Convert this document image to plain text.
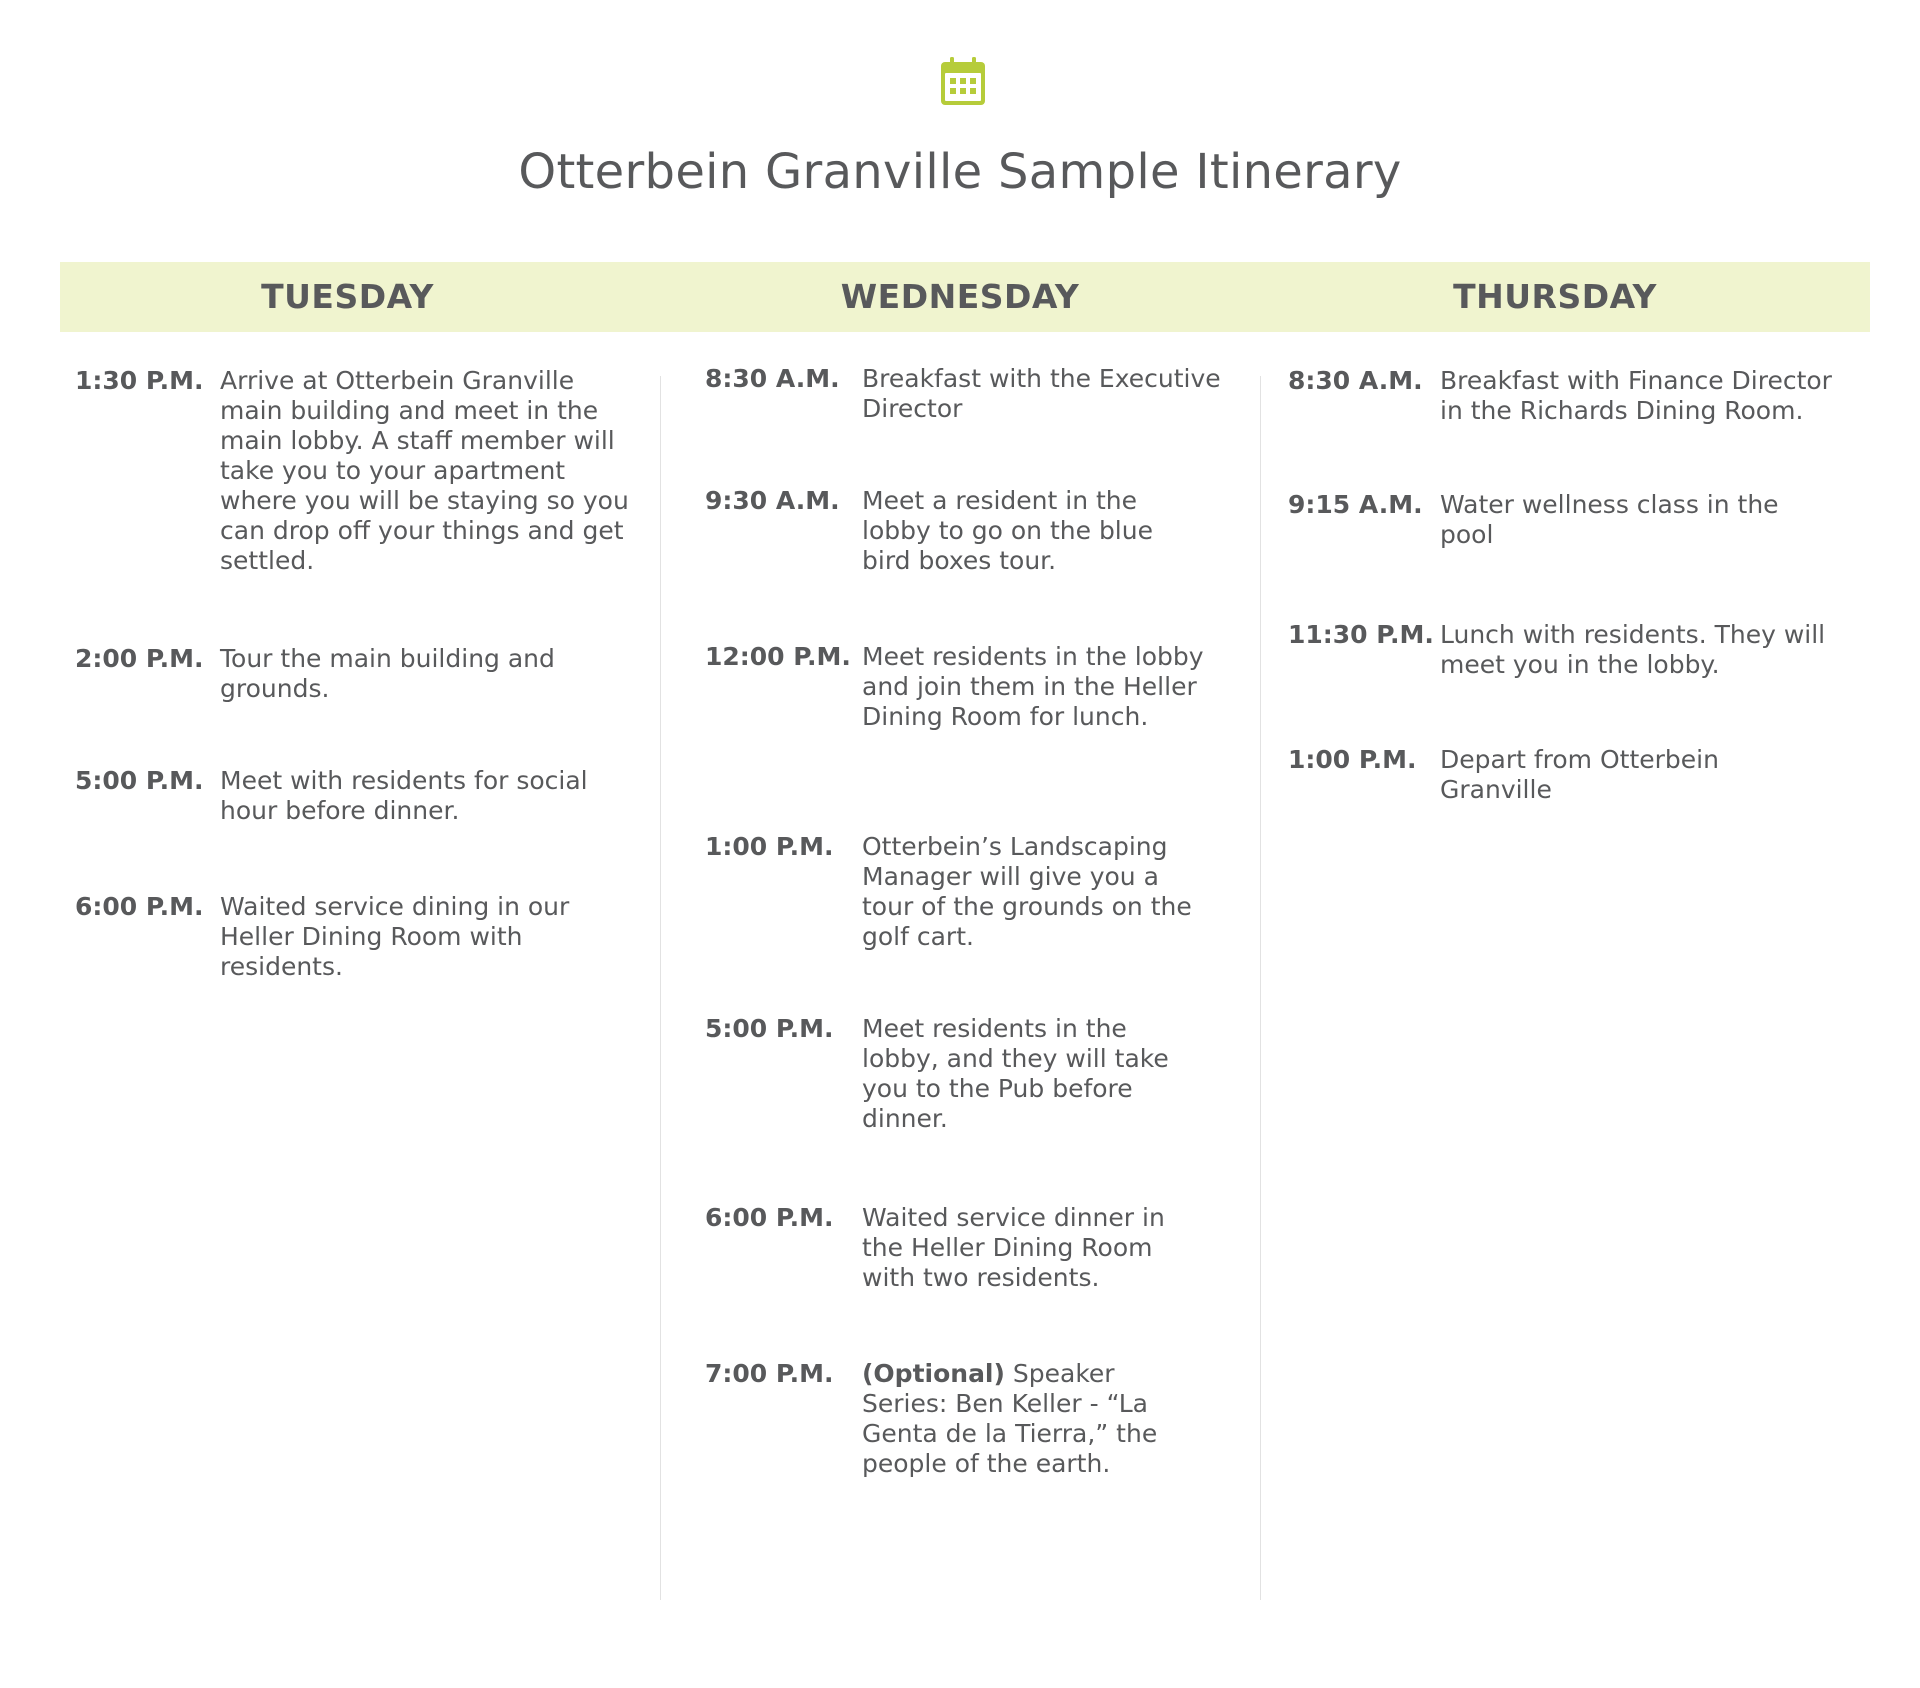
Otterbein Granville Sample Itinerary
TUESDAY	WEDNESDAY	THURSDAY
1:30 P.M. Arrive at Otterbein Granville main building and meet in the main lobby. A staff member will take you to your apartment where you will be staying so you can drop off your things and get settled.
2:00 P.M. Tour the main building and grounds.
5:00 P.M. Meet with residents for social hour before dinner.
6:00 P.M. Waited service dining in our Heller Dining Room with residents.
8:30 A.M. Breakfast with the Executive Director
9:30 A.M. Meet a resident in the lobby to go on the blue bird boxes tour.
12:00 P.M. Meet residents in the lobby and join them in the Heller Dining Room for lunch.
1:00 P.M. Otterbein’s Landscaping Manager will give you a tour of the grounds on the golf cart.
5:00 P.M. Meet residents in the lobby, and they will take you to the Pub before dinner.
6:00 P.M. Waited service dinner in the Heller Dining Room with two residents.
7:00 P.M. (Optional) Speaker Series: Ben Keller - “La Genta de la Tierra,” the people of the earth.
8:30 A.M. Breakfast with Finance Director in the Richards Dining Room.
9:15 A.M. Water wellness class in the pool
11:30 P.M. Lunch with residents. They will meet you in the lobby.
1:00 P.M. Depart from Otterbein Granville
